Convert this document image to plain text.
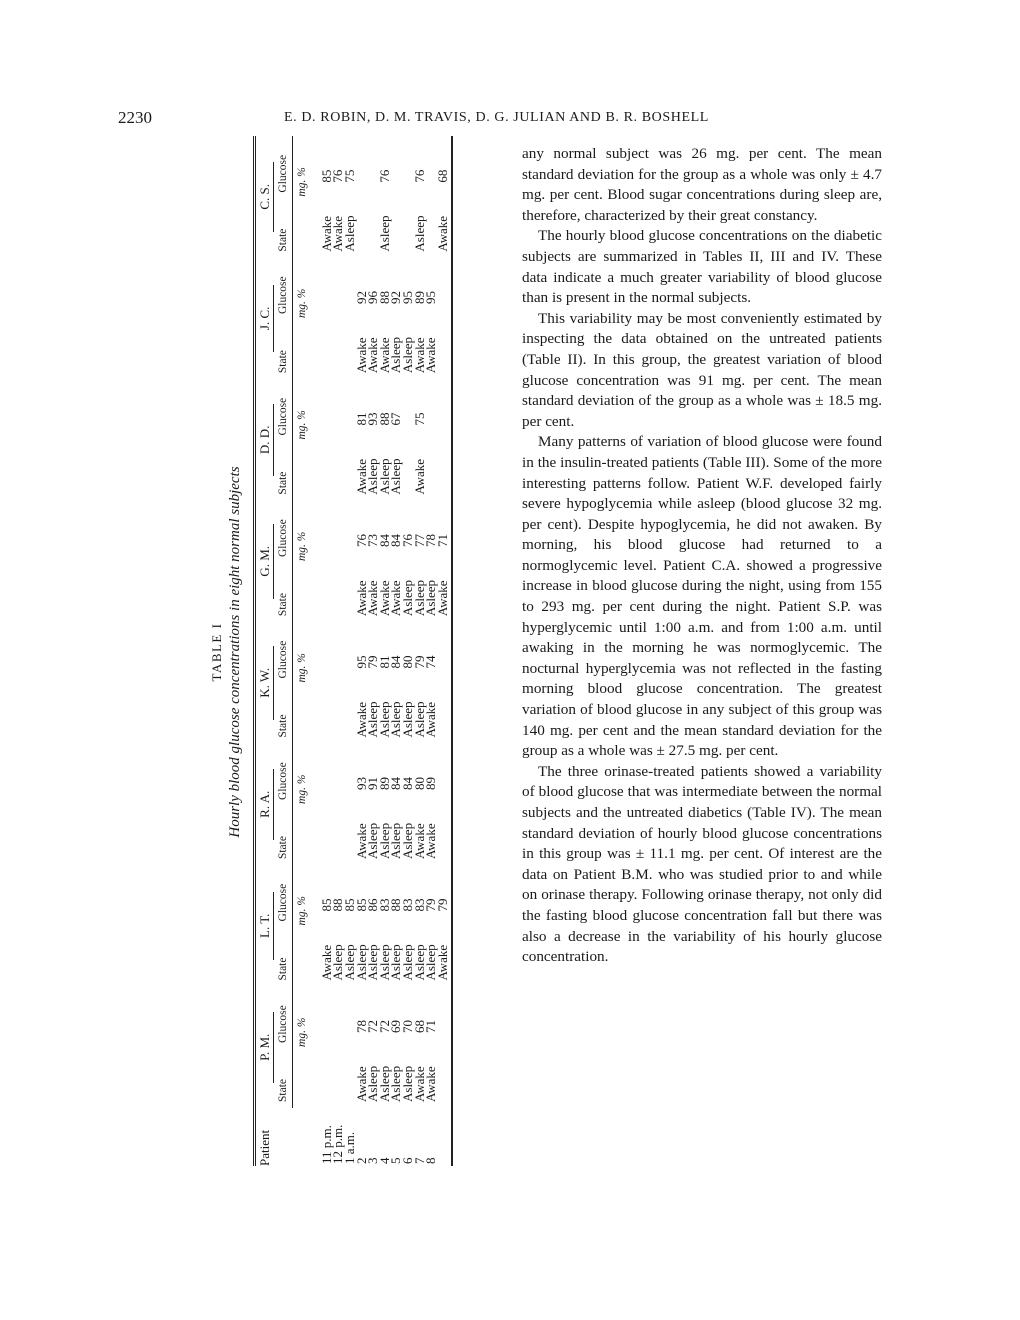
2230	E. D. ROBIN, D. M. TRAVIS, D. G. JULIAN AND B. R. BOSHELL
TABLE I Hourly blood glucose concentrations in eight normal subjects
Patient	P. M.		L. T.		R. A.		K. W.		G. M.		D. D.		J. C.		C. S.	
	State	Glucose	State	Glucose	State	Glucose	State	Glucose	State	Glucose	State	Glucose	State	Glucose	State	Glucose
		mg. %		mg. %		mg. %		mg. %		mg. %		mg. %		mg. %		mg. %
11 p.m.			Awake	85											Awake	85
12 p.m.			Asleep	88											Awake	76
1 a.m.			Asleep	85											Asleep	75
2	Awake	78	Asleep	85	Awake	93	Awake	95	Awake	76	Awake	81	Awake	92		
3	Asleep	72	Asleep	86	Asleep	91	Asleep	79	Awake	73	Asleep	93	Awake	96		
4	Asleep	72	Asleep	83	Asleep	89	Asleep	81	Awake	84	Asleep	88	Awake	88	Asleep	76
5	Asleep	69	Asleep	88	Asleep	84	Asleep	84	Awake	84	Asleep	67	Asleep	92		
6	Asleep	70	Asleep	83	Asleep	84	Asleep	80	Asleep	76			Asleep	95		
7	Awake	68	Asleep	83	Awake	80	Asleep	79	Asleep	77	Awake	75	Awake	89	Asleep	76
8	Awake	71	Asleep	79	Awake	89	Awake	74	Asleep	78			Awake	95		
			Awake	79					Awake	71					Awake	68

any normal subject was 26 mg. per cent. The mean standard deviation for the group as a whole was only ± 4.7 mg. per cent. Blood sugar concentrations during sleep are, therefore, characterized by their great constancy.

The hourly blood glucose concentrations on the diabetic subjects are summarized in Tables II, III and IV. These data indicate a much greater variability of blood glucose than is present in the normal subjects.

This variability may be most conveniently estimated by inspecting the data obtained on the untreated patients (Table II). In this group, the greatest variation of blood glucose concentration was 91 mg. per cent. The mean standard deviation of the group as a whole was ± 18.5 mg. per cent.

Many patterns of variation of blood glucose were found in the insulin-treated patients (Table III). Some of the more interesting patterns follow. Patient W.F. developed fairly severe hypoglycemia while asleep (blood glucose 32 mg. per cent). Despite hypoglycemia, he did not awaken. By morning, his blood glucose had returned to a normoglycemic level. Patient C.A. showed a progressive increase in blood glucose during the night, using from 155 to 293 mg. per cent during the night. Patient S.P. was hyperglycemic until 1:00 a.m. and from 1:00 a.m. until awaking in the morning he was normoglycemic. The nocturnal hyperglycemia was not reflected in the fasting morning blood glucose concentration. The greatest variation of blood glucose in any subject of this group was 140 mg. per cent and the mean standard deviation for the group as a whole was ± 27.5 mg. per cent.

The three orinase-treated patients showed a variability of blood glucose that was intermediate between the normal subjects and the untreated diabetics (Table IV). The mean standard deviation of hourly blood glucose concentrations in this group was ± 11.1 mg. per cent. Of interest are the data on Patient B.M. who was studied prior to and while on orinase therapy. Following orinase therapy, not only did the fasting blood glucose concentration fall but there was also a decrease in the variability of his hourly glucose concentration.
